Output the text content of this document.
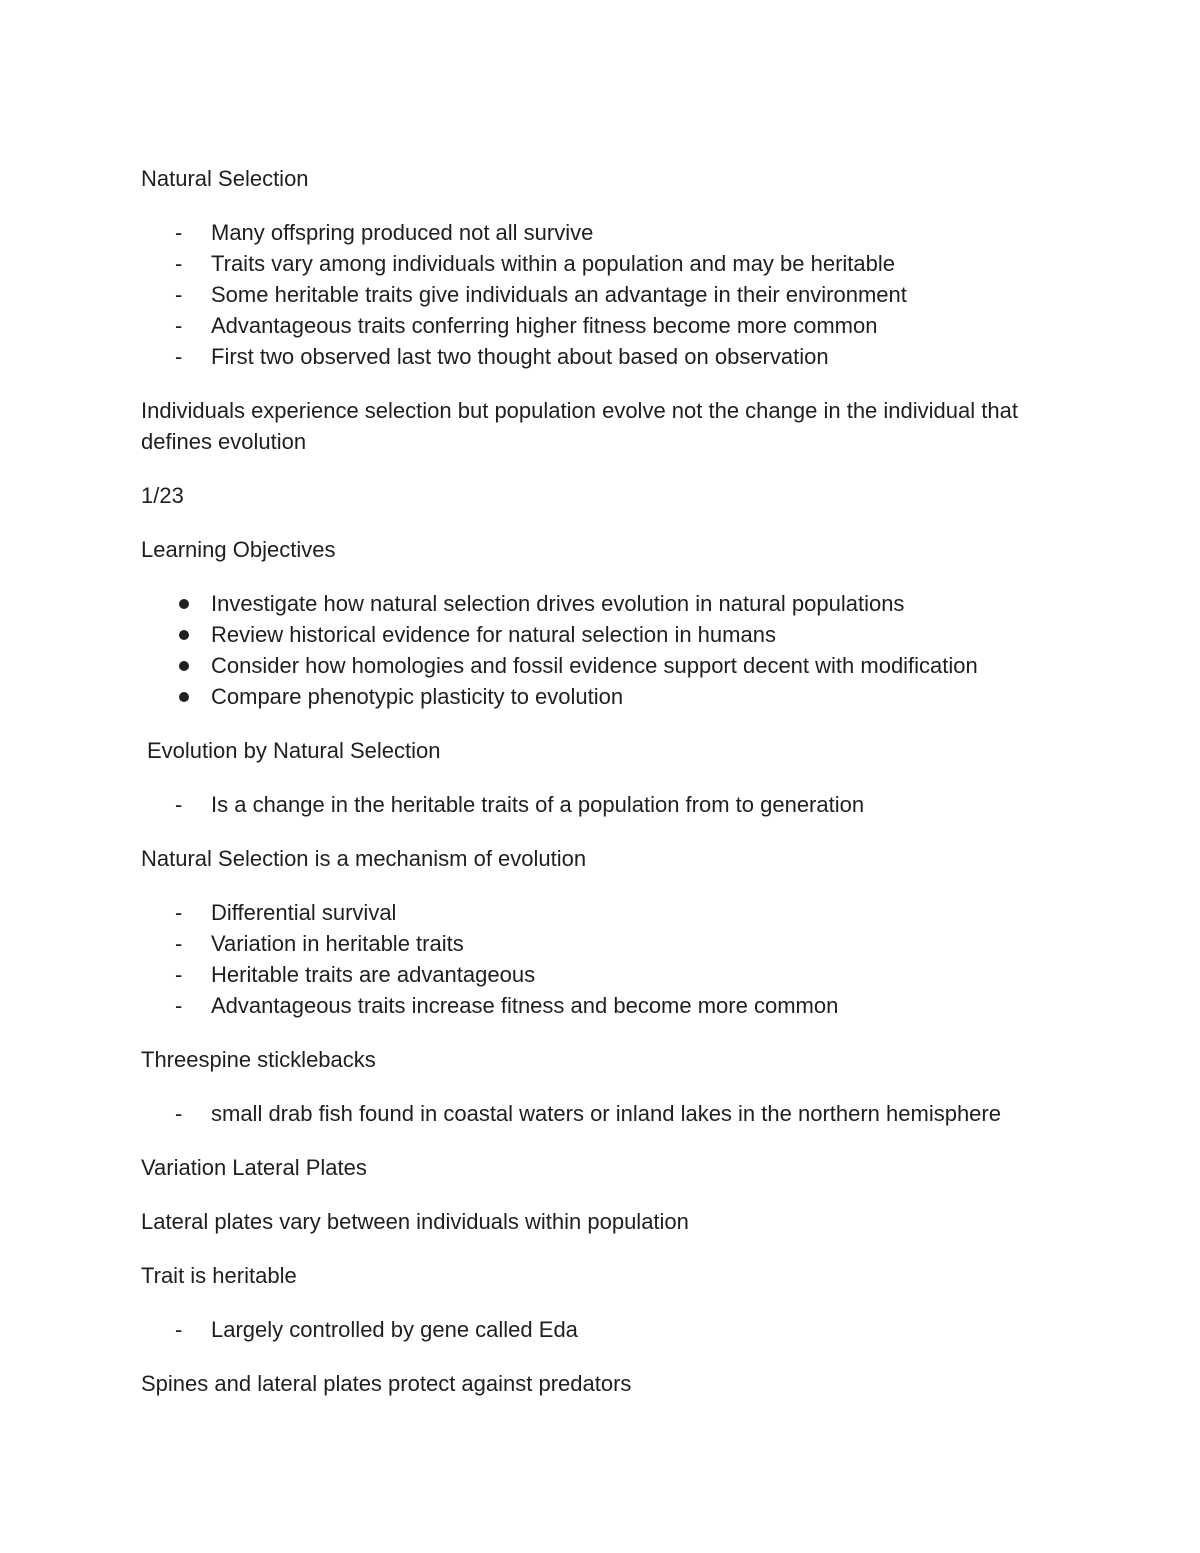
Natural Selection

-	Many offspring produced not all survive
-	Traits vary among individuals within a population and may be heritable
-	Some heritable traits give individuals an advantage in their environment
-	Advantageous traits conferring higher fitness become more common
-	First two observed last two thought about based on observation

Individuals experience selection but population evolve not the change in the individual that defines evolution

1/23

Learning Objectives

Investigate how natural selection drives evolution in natural populations
Review historical evidence for natural selection in humans
Consider how homologies and fossil evidence support decent with modification
Compare phenotypic plasticity to evolution

Evolution by Natural Selection

-	Is a change in the heritable traits of a population from to generation

Natural Selection is a mechanism of evolution

-	Differential survival
-	Variation in heritable traits
-	Heritable traits are advantageous
-	Advantageous traits increase fitness and become more common

Threespine sticklebacks

-	small drab fish found in coastal waters or inland lakes in the northern hemisphere

Variation Lateral Plates

Lateral plates vary between individuals within population

Trait is heritable

-	Largely controlled by gene called Eda

Spines and lateral plates protect against predators
